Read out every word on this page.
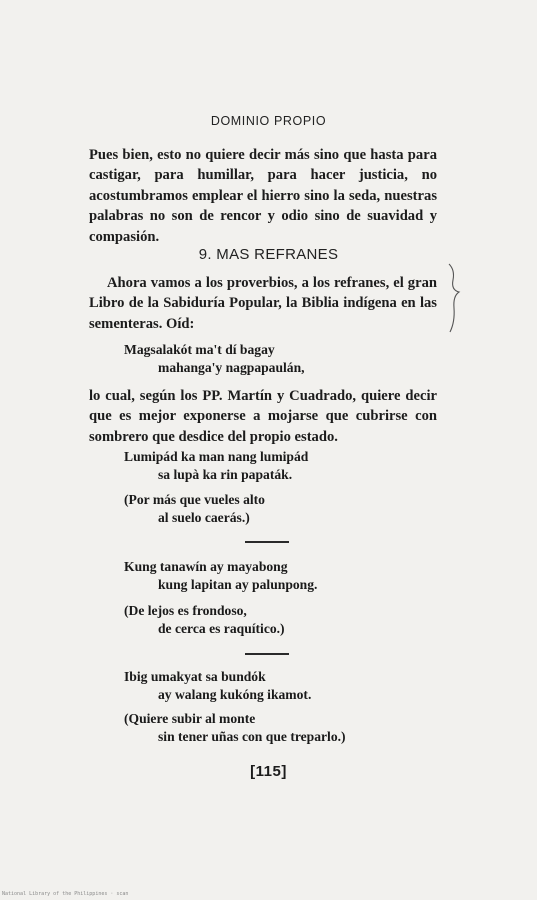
DOMINIO PROPIO
Pues bien, esto no quiere decir más sino que hasta para castigar, para humillar, para hacer justicia, no acostumbramos emplear el hierro sino la seda, nuestras palabras no son de rencor y odio sino de suavidad y compasión.
9. MAS REFRANES
Ahora vamos a los proverbios, a los refranes, el gran Libro de la Sabiduría Popular, la Biblia indígena en las sementeras. Oíd:
Magsalakót ma't dí bagay
mahanga'y nagpapaulán,
lo cual, según los PP. Martín y Cuadrado, quiere decir que es mejor exponerse a mojarse que cubrirse con sombrero que desdice del propio estado.
Lumipád ka man nang lumipád
sa lupà ka rin papaták.
(Por más que vueles alto
al suelo caerás.)
Kung tanawín ay mayabong
kung lapitan ay palunpong.
(De lejos es frondoso,
de cerca es raquítico.)
Ibig umakyat sa bundók
ay walang kukóng ikamot.
(Quiere subir al monte
sin tener uñas con que treparlo.)
[115]
National Library of the Philippines · scan
